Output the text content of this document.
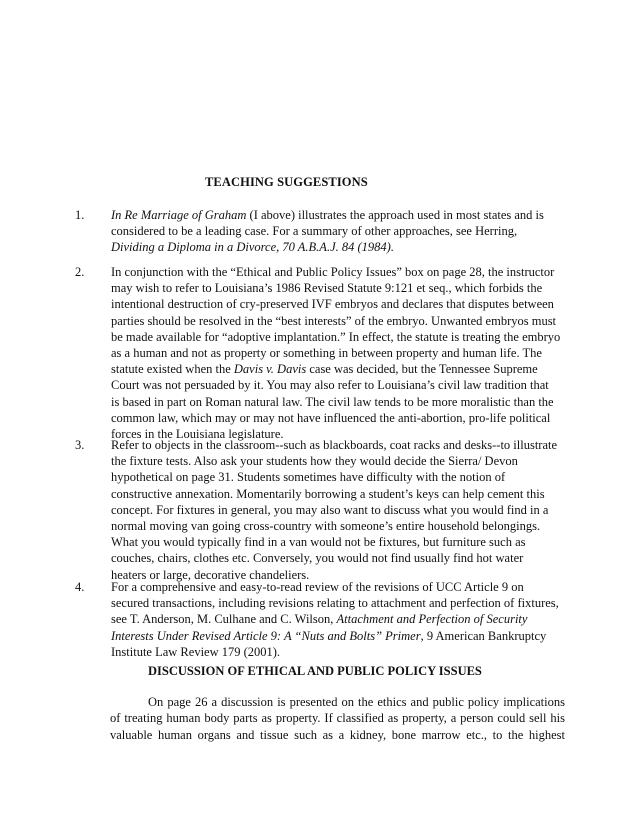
TEACHING SUGGESTIONS
1. In Re Marriage of Graham (I above) illustrates the approach used in most states and is
considered to be a leading case. For a summary of other approaches, see Herring,
Dividing a Diploma in a Divorce, 70 A.B.A.J. 84 (1984).
2. In conjunction with the “Ethical and Public Policy Issues” box on page 28, the instructor
may wish to refer to Louisiana’s 1986 Revised Statute 9:121 et seq., which forbids the
intentional destruction of cry-preserved IVF embryos and declares that disputes between
parties should be resolved in the “best interests” of the embryo. Unwanted embryos must
be made available for “adoptive implantation.” In effect, the statute is treating the embryo
as a human and not as property or something in between property and human life. The
statute existed when the Davis v. Davis case was decided, but the Tennessee Supreme
Court was not persuaded by it. You may also refer to Louisiana’s civil law tradition that
is based in part on Roman natural law. The civil law tends to be more moralistic than the
common law, which may or may not have influenced the anti-abortion, pro-life political
forces in the Louisiana legislature.
3. Refer to objects in the classroom--such as blackboards, coat racks and desks--to illustrate
the fixture tests. Also ask your students how they would decide the Sierra/ Devon
hypothetical on page 31. Students sometimes have difficulty with the notion of
constructive annexation. Momentarily borrowing a student’s keys can help cement this
concept. For fixtures in general, you may also want to discuss what you would find in a
normal moving van going cross-country with someone’s entire household belongings.
What you would typically find in a van would not be fixtures, but furniture such as
couches, chairs, clothes etc. Conversely, you would not find usually find hot water
heaters or large, decorative chandeliers.
4. For a comprehensive and easy-to-read review of the revisions of UCC Article 9 on
secured transactions, including revisions relating to attachment and perfection of fixtures,
see T. Anderson, M. Culhane and C. Wilson, Attachment and Perfection of Security
Interests Under Revised Article 9: A “Nuts and Bolts” Primer, 9 American Bankruptcy
Institute Law Review 179 (2001).
DISCUSSION OF ETHICAL AND PUBLIC POLICY ISSUES
On page 26 a discussion is presented on the ethics and public policy implications
of treating human body parts as property. If classified as property, a person could sell his
valuable human organs and tissue such as a kidney, bone marrow etc., to the highest
